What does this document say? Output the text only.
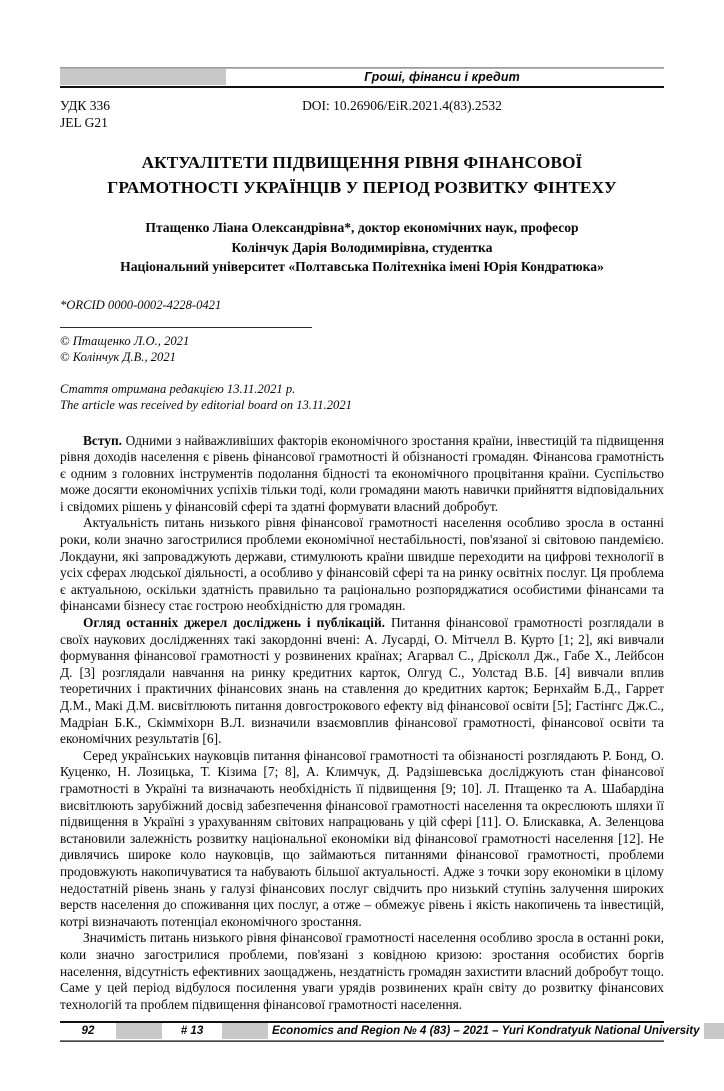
Гроші, фінанси і кредит
УДК 336
JEL G21
DOI: 10.26906/EiR.2021.4(83).2532
АКТУАЛІТЕТИ ПІДВИЩЕННЯ РІВНЯ ФІНАНСОВОЇ
ГРАМОТНОСТІ УКРАЇНЦІВ У ПЕРІОД РОЗВИТКУ ФІНТЕХУ
Птащенко Ліана Олександрівна*, доктор економічних наук, професор
Колінчук Дарія Володимирівна, студентка
Національний університет «Полтавська Політехніка імені Юрія Кондратюка»
*ORCID 0000-0002-4228-0421
© Птащенко Л.О., 2021
© Колінчук Д.В., 2021
Стаття отримана редакцією 13.11.2021 р.
The article was received by editorial board on 13.11.2021

Вступ. Одними з найважливіших факторів економічного зростання країни, інвестицій та підвищення рівня доходів населення є рівень фінансової грамотності й обізнаності громадян. Фінансова грамотність є одним з головних інструментів подолання бідності та економічного процвітання країни. Суспільство може досягти економічних успіхів тільки тоді, коли громадяни мають навички прийняття відповідальних і свідомих рішень у фінансовій сфері та здатні формувати власний добробут.

Актуальність питань низького рівня фінансової грамотності населення особливо зросла в останні роки, коли значно загострилися проблеми економічної нестабільності, пов'язаної зі світовою пандемією. Локдауни, які запроваджують держави, стимулюють країни швидше переходити на цифрові технології в усіх сферах людської діяльності, а особливо у фінансовій сфері та на ринку освітніх послуг. Ця проблема є актуальною, оскільки здатність правильно та раціонально розпоряджатися особистими фінансами та фінансами бізнесу стає гострою необхідністю для громадян.

Огляд останніх джерел досліджень і публікацій. Питання фінансової грамотності розглядали в своїх наукових дослідженнях такі закордонні вчені: А. Лусарді, О. Мітчелл В. Курто [1; 2], які вивчали формування фінансової грамотності у розвинених країнах; Агарвал С., Дрісколл Дж., Габе Х., Лейбсон Д. [3] розглядали навчання на ринку кредитних карток, Олгуд С., Уолстад В.Б. [4] вивчали вплив теоретичних і практичних фінансових знань на ставлення до кредитних карток; Бернхайм Б.Д., Гаррет Д.М., Макі Д.М. висвітлюють питання довгострокового ефекту від фінансової освіти [5]; Гастінгс Дж.С., Мадріан Б.К., Скімміхорн В.Л. визначили взаємовплив фінансової грамотності, фінансової освіти та економічних результатів [6].

Серед українських науковців питання фінансової грамотності та обізнаності розглядають Р. Бонд, О. Куценко, Н. Лозицька, Т. Кізима [7; 8], А. Климчук, Д. Радзішевська досліджують стан фінансової грамотності в Україні та визначають необхідність її підвищення [9; 10]. Л. Птащенко та А. Шабардіна висвітлюють зарубіжний досвід забезпечення фінансової грамотності населення та окреслюють шляхи її підвищення в Україні з урахуванням світових напрацювань у цій сфері [11]. О. Блискавка, А. Зеленцова встановили залежність розвитку національної економіки від фінансової грамотності населення [12]. Не дивлячись широке коло науковців, що займаються питаннями фінансової грамотності, проблеми продовжують накопичуватися та набувають більшої актуальності. Адже з точки зору економіки в цілому недостатній рівень знань у галузі фінансових послуг свідчить про низький ступінь залучення широких верств населення до споживання цих послуг, а отже – обмежує рівень і якість накопичень та інвестицій, котрі визначають потенціал економічного зростання.

Значимість питань низького рівня фінансової грамотності населення особливо зросла в останні роки, коли значно загострилися проблеми, пов'язані з ковідною кризою: зростання особистих боргів населення, відсутність ефективних заощаджень, нездатність громадян захистити власний добробут тощо. Саме у цей період відбулося посилення уваги урядів розвинених країн світу до розвитку фінансових технологій та проблем підвищення фінансової грамотності населення.

92	# 13	Economics and Region № 4 (83) – 2021 – Yuri Kondratyuk National University
